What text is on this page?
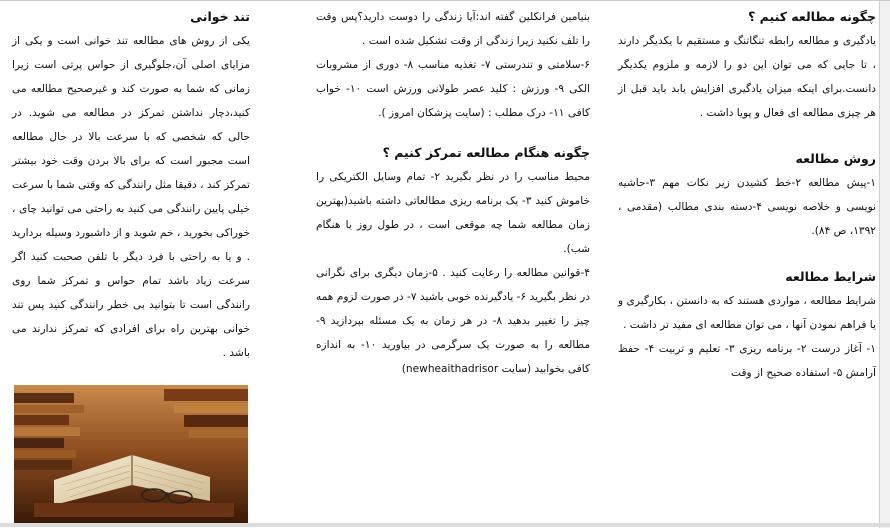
چگونه مطالعه کنیم ؟

یادگیری و مطالعه رابطه تنگاتنگ و مستقیم با یکدیگر دارند ، تا جایی که می توان این دو را لازمه و ملزوم یکدیگر دانست.برای اینکه میزان یادگیری افزایش یابد باید قبل از هر چیزی مطالعه ای فعال و پویا داشت .

روش مطالعه

۱-پیش مطالعه ۲-خط کشیدن زیر نکات مهم ۳-حاشیه نویسی و خلاصه نویسی ۴-دسته بندی مطالب (مقدمی ، ۱۳۹۲، ص ۸۴).

شرایط مطالعه

شرایط مطالعه ، مواردی هستند که به دانستن ، بکارگیری و یا فراهم نمودن آنها ، می توان مطالعه ای مفید تر داشت .

۱- آغاز درست ۲- برنامه ریزی ۳- تعلیم و تربیت ۴- حفظ آرامش ۵- استفاده صحیح از وقت

بنیامین فرانکلین گفته اند:آیا زندگی را دوست دارید؟پس وقت را تلف نکنید زیرا زندگی از وقت تشکیل شده است .

۶-سلامتی و تندرستی ۷- تغذیه مناسب ۸- دوری از مشروبات الکی ۹- ورزش : کلید عصر طولانی ورزش است ۱۰- خواب کافی ۱۱- درک مطلب : (سایت پزشکان امروز ).

چگونه هنگام مطالعه تمرکز کنیم ؟

محیط مناسب را در نظر بگیرید ۲- تمام وسایل الکتریکی را خاموش کنید ۳- یک برنامه ریزی مطالعاتی داشته باشید(بهترین زمان مطالعه شما چه موقعی است ، در طول روز یا هنگام شب).

۴-قوانین مطالعه را رعایت کنید . ۵-زمان دیگری برای نگرانی در نظر بگیرید ۶- یادگیرنده خوبی باشید ۷- در صورت لزوم همه چیز را تغییر بدهید ۸- در هر زمان به یک مسئله بپردازید ۹- مطالعه را به صورت یک سرگرمی در بیاورید ۱۰- به اندازه کافی بخوابید (سایت newheaithadrisor)

تند خوانی

یکی از روش های مطالعه تند خوانی است و یکی از مزایای اصلی آن،جلوگیری از حواس پرتی است زیرا زمانی که شما به صورت کند و غیرصحیح مطالعه می کنید،دچار نداشتن تمرکز در مطالعه می شوید. در حالی که شخصی که با سرعت بالا در حال مطالعه است مجبور است که برای بالا بردن وقت خود بیشتر تمرکز کند ، دقیقا مثل رانندگی که وقتی شما با سرعت خیلی پایین رانندگی می کنید به راحتی می توانید چای ، خوراکی بخورید ، خم شوید و از داشبورد وسیله بردارید . و یا به راحتی با فرد دیگر با تلفن صحبت کنید اگر سرعت زیاد باشد تمام حواس و تمرکز شما روی رانندگی است تا بتوانید بی خطر رانندگی کنید پس تند خوانی بهترین راه برای افرادی که تمرکز ندارند می باشد .
